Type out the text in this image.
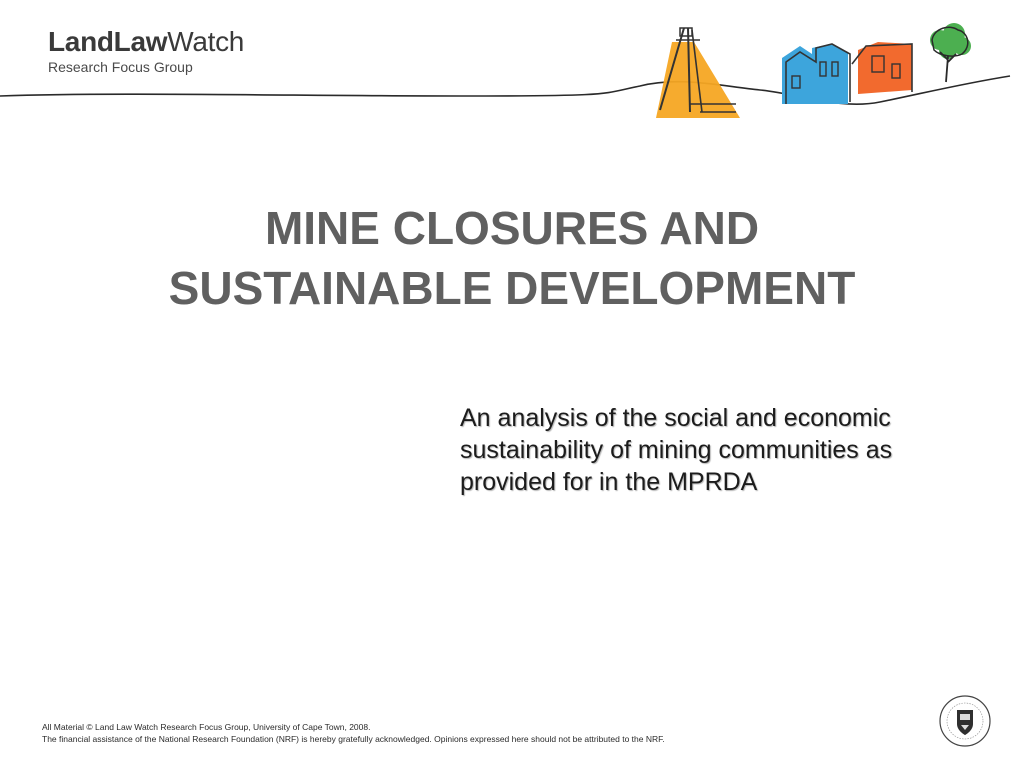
LandLawWatch
Research Focus Group
MINE CLOSURES AND
SUSTAINABLE DEVELOPMENT
An analysis of the social and economic sustainability of mining communities as provided for in the MPRDA
All Material © Land Law Watch Research Focus Group, University of Cape Town, 2008.
The financial assistance of the National Research Foundation (NRF) is hereby gratefully acknowledged. Opinions expressed here should not be attributed to the NRF.
